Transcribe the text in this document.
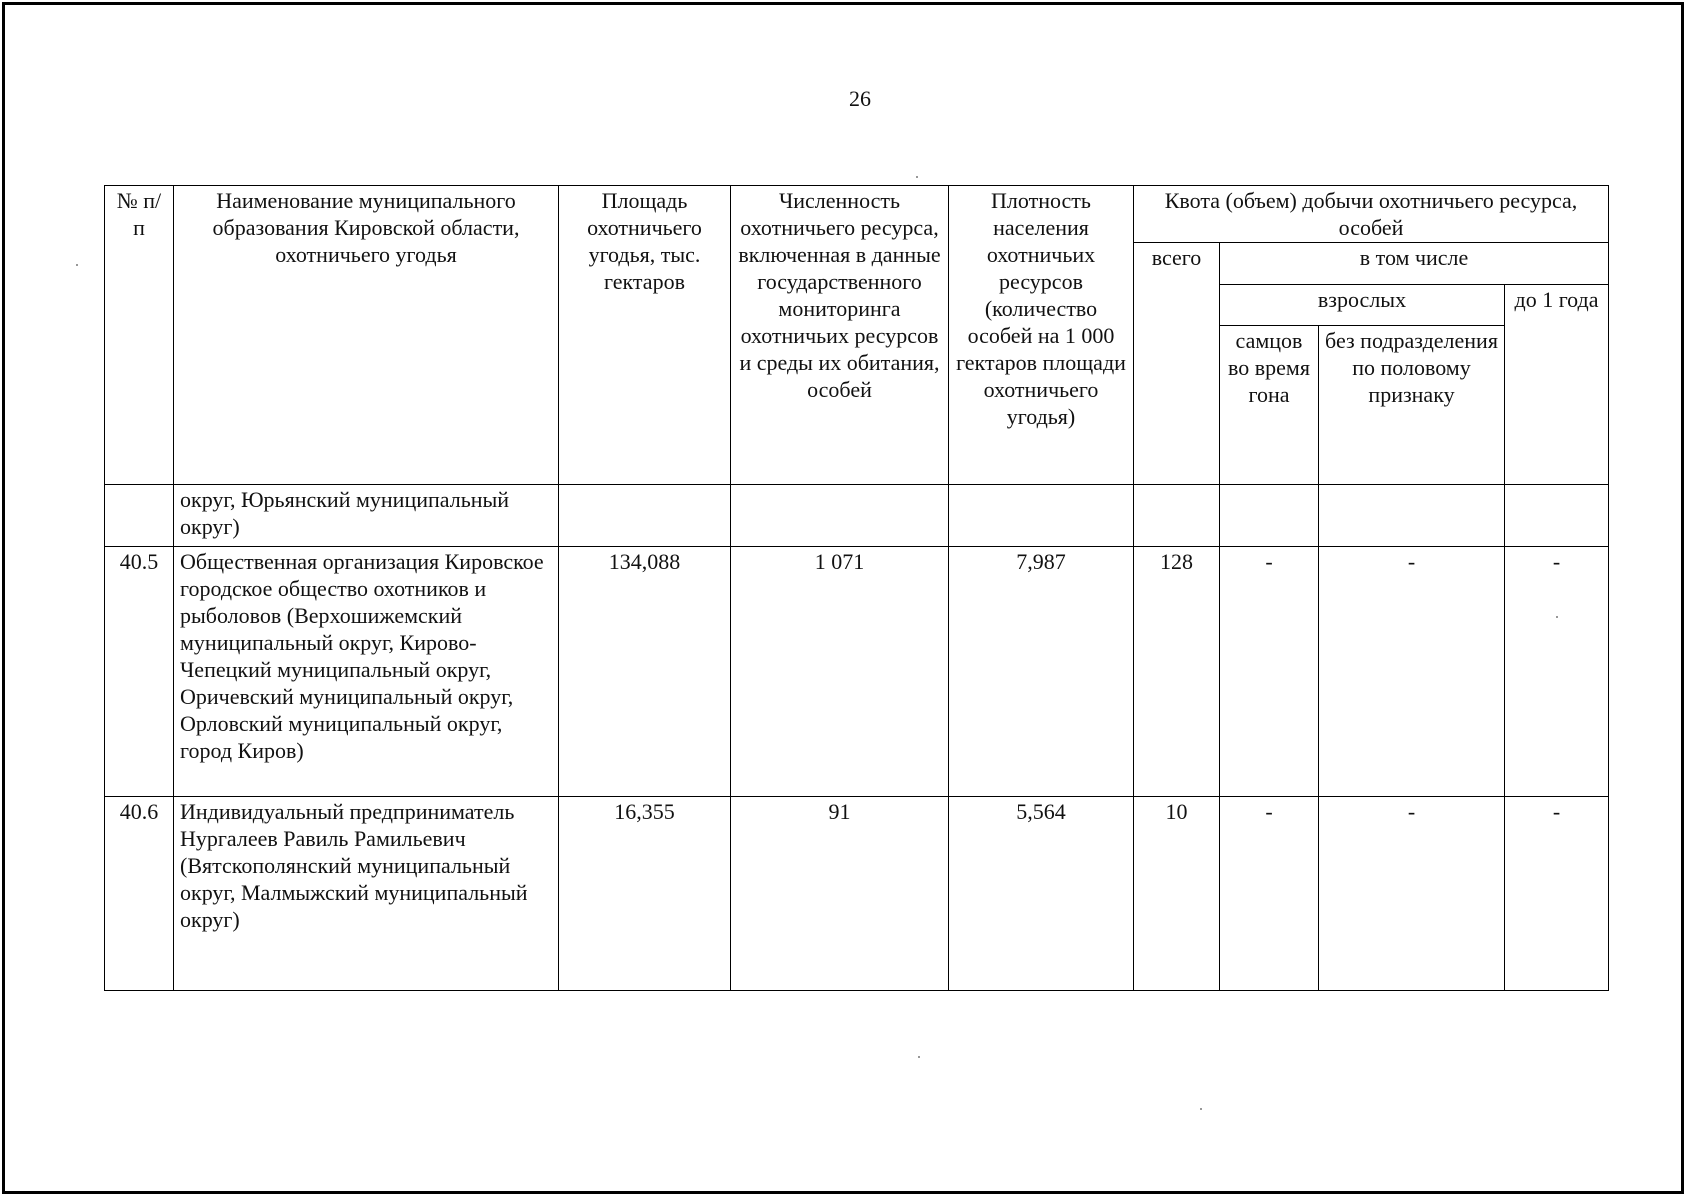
26
№ п/п	Наименование муниципального образования Кировской области, охотничьего угодья	Площадь охотничьего угодья, тыс. гектаров	Численность охотничьего ресурса, включенная в данные государственного мониторинга охотничьих ресурсов и среды их обитания, особей	Плотность населения охотничьих ресурсов (количество особей на 1 000 гектаров площади охотничьего угодья)	Квота (объем) добычи охотничьего ресурса, особей			
					всего	в том числе		
						взрослых		до 1 года
						самцов во время гона	без подразделения по половому признаку	
	округ, Юрьянский муниципальный округ)							
40.5	Общественная организация Кировское городское общество охотников и рыболовов (Верхошижемский муниципальный округ, Кирово-Чепецкий муниципальный округ, Оричевский муниципальный округ, Орловский муниципальный округ, город Киров)	134,088	1 071	7,987	128	-	-	-
40.6	Индивидуальный предприниматель Нургалеев Равиль Рамильевич (Вятскополянский муниципальный округ, Малмыжский муниципальный округ)	16,355	91	5,564	10	-	-	-
